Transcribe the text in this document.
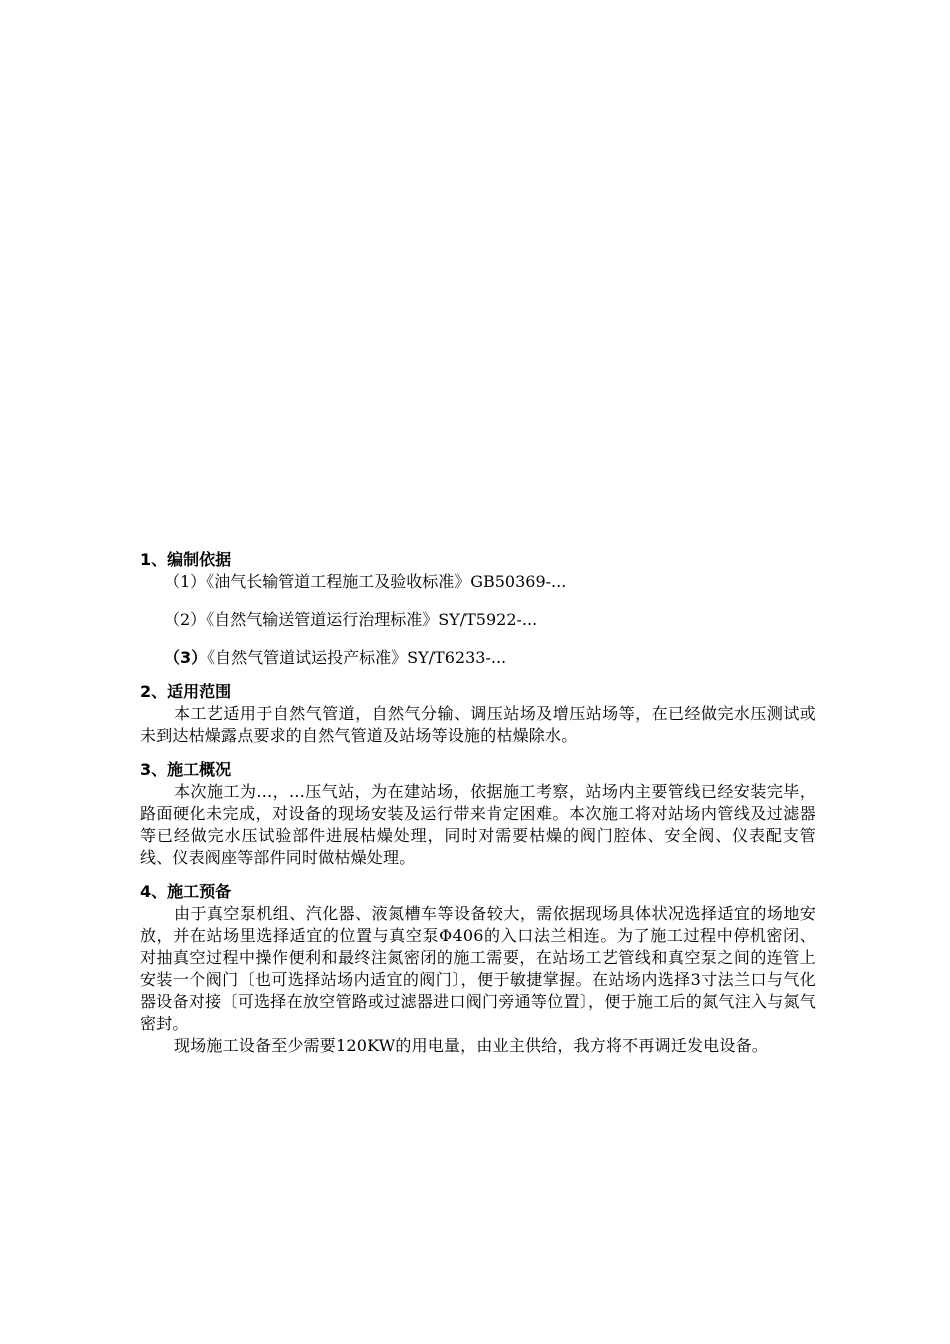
1、编制依据

（1）《油气长输管道工程施工及验收标准》GB50369-...

（2）《自然气输送管道运行治理标准》SY/T5922-...

（3）《自然气管道试运投产标准》SY/T6233-...

2、适用范围

本工艺适用于自然气管道，自然气分输、调压站场及增压站场等，在已经做完水压测试或未到达枯燥露点要求的自然气管道及站场等设施的枯燥除水。

3、施工概况

本次施工为...，...压气站，为在建站场，依据施工考察，站场内主要管线已经安装完毕，路面硬化未完成，对设备的现场安装及运行带来肯定困难。本次施工将对站场内管线及过滤器等已经做完水压试验部件进展枯燥处理，同时对需要枯燥的阀门腔体、安全阀、仪表配支管线、仪表阀座等部件同时做枯燥处理。

4、施工预备

由于真空泵机组、汽化器、液氮槽车等设备较大，需依据现场具体状况选择适宜的场地安放，并在站场里选择适宜的位置与真空泵Φ406的入口法兰相连。为了施工过程中停机密闭、对抽真空过程中操作便利和最终注氮密闭的施工需要，在站场工艺管线和真空泵之间的连管上安装一个阀门〔也可选择站场内适宜的阀门〕，便于敏捷掌握。在站场内选择3寸法兰口与气化器设备对接〔可选择在放空管路或过滤器进口阀门旁通等位置〕，便于施工后的氮气注入与氮气密封。

现场施工设备至少需要120KW的用电量，由业主供给，我方将不再调迁发电设备。
